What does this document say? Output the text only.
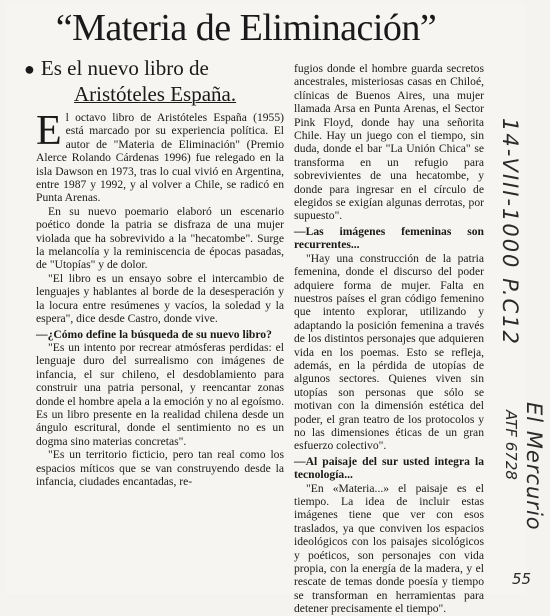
“Materia de Eliminación”
● Es el nuevo libro de
Aristóteles España.

El octavo libro de Aristóteles España (1955) está marcado por su experiencia política. El autor de "Materia de Eliminación" (Premio Alerce Rolando Cárdenas 1996) fue relegado en la isla Dawson en 1973, tras lo cual vivió en Argentina, entre 1987 y 1992, y al volver a Chile, se radicó en Punta Arenas.

En su nuevo poemario elaboró un escenario poético donde la patria se disfraza de una mujer violada que ha sobrevivido a la "hecatombe". Surge la melancolía y la reminiscencia de épocas pasadas, de "Utopías" y de dolor.

"El libro es un ensayo sobre el intercambio de lenguajes y hablantes al borde de la desesperación y la locura entre resúmenes y vacíos, la soledad y la espera", dice desde Castro, donde vive.

—¿Cómo define la búsqueda de su nuevo libro?

"Es un intento por recrear atmósferas perdidas: el lenguaje duro del surrealismo con imágenes de infancia, el sur chileno, el desdoblamiento para construir una patria personal, y reencantar zonas donde el hombre apela a la emoción y no al egoísmo. Es un libro presente en la realidad chilena desde un ángulo escritural, donde el sentimiento no es un dogma sino materias concretas".

"Es un territorio ficticio, pero tan real como los espacios míticos que se van construyendo desde la infancia, ciudades encantadas, re-

fugios donde el hombre guarda secretos ancestrales, misteriosas casas en Chiloé, clínicas de Buenos Aires, una mujer llamada Arsa en Punta Arenas, el Sector Pink Floyd, donde hay una señorita Chile. Hay un juego con el tiempo, sin duda, donde el bar "La Unión Chica" se transforma en un refugio para sobrevivientes de una hecatombe, y donde para ingresar en el círculo de elegidos se exigían algunas derrotas, por supuesto".

—Las imágenes femeninas son recurrentes...

"Hay una construcción de la patria femenina, donde el discurso del poder adquiere forma de mujer. Falta en nuestros países el gran código femenino que intento explorar, utilizando y adaptando la posición femenina a través de los distintos personajes que adquieren vida en los poemas. Esto se refleja, además, en la pérdida de utopías de algunos sectores. Quienes viven sin utopías son personas que sólo se motivan con la dimensión estética del poder, el gran teatro de los protocolos y no las dimensiones éticas de un gran esfuerzo colectivo".

—Al paisaje del sur usted integra la tecnología...

"En «Materia...» el paisaje es el tiempo. La idea de incluir estas imágenes tiene que ver con esos traslados, ya que conviven los espacios ideológicos con los paisajes sicológicos y poéticos, son personajes con vida propia, con la energía de la madera, y el rescate de temas donde poesía y tiempo se transforman en herramientas para detener precisamente el tiempo".

14-VIII-1000 P.C12
El Mercurio
ATF 6728
55
